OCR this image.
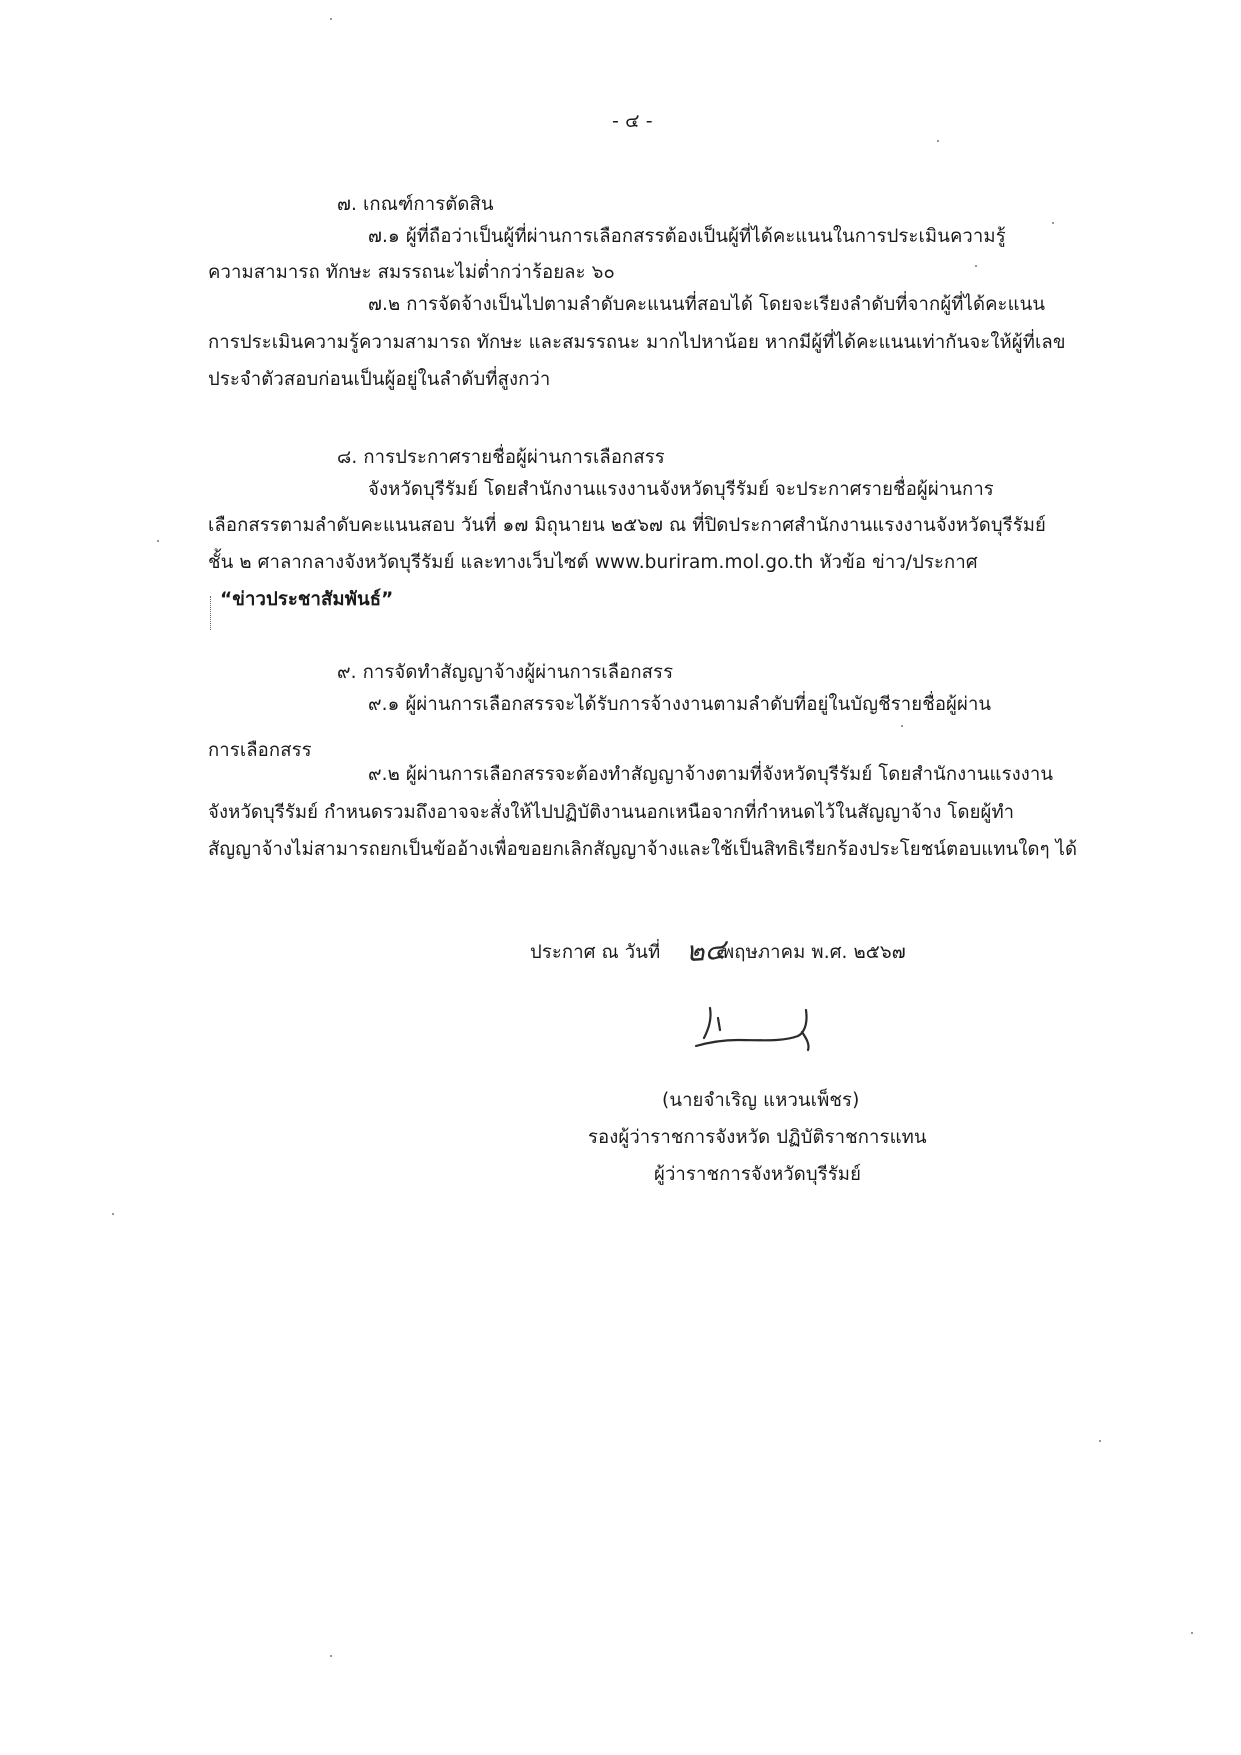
- ๔ -
๗. เกณฑ์การตัดสิน
๗.๑ ผู้ที่ถือว่าเป็นผู้ที่ผ่านการเลือกสรรต้องเป็นผู้ที่ได้คะแนนในการประเมินความรู้
ความสามารถ ทักษะ สมรรถนะไม่ต่ำกว่าร้อยละ ๖๐
๗.๒ การจัดจ้างเป็นไปตามลำดับคะแนนที่สอบได้ โดยจะเรียงลำดับที่จากผู้ที่ได้คะแนน
การประเมินความรู้ความสามารถ ทักษะ และสมรรถนะ มากไปหาน้อย หากมีผู้ที่ได้คะแนนเท่ากันจะให้ผู้ที่เลข
ประจำตัวสอบก่อนเป็นผู้อยู่ในลำดับที่สูงกว่า
๘. การประกาศรายชื่อผู้ผ่านการเลือกสรร
จังหวัดบุรีรัมย์ โดยสำนักงานแรงงานจังหวัดบุรีรัมย์ จะประกาศรายชื่อผู้ผ่านการ
เลือกสรรตามลำดับคะแนนสอบ วันที่ ๑๗ มิถุนายน ๒๕๖๗ ณ ที่ปิดประกาศสำนักงานแรงงานจังหวัดบุรีรัมย์
ชั้น ๒ ศาลากลางจังหวัดบุรีรัมย์ และทางเว็บไซต์ www.buriram.mol.go.th หัวข้อ ข่าว/ประกาศ
“ข่าวประชาสัมพันธ์”
๙. การจัดทำสัญญาจ้างผู้ผ่านการเลือกสรร
๙.๑ ผู้ผ่านการเลือกสรรจะได้รับการจ้างงานตามลำดับที่อยู่ในบัญชีรายชื่อผู้ผ่าน
การเลือกสรร
๙.๒ ผู้ผ่านการเลือกสรรจะต้องทำสัญญาจ้างตามที่จังหวัดบุรีรัมย์ โดยสำนักงานแรงงาน
จังหวัดบุรีรัมย์ กำหนดรวมถึงอาจจะสั่งให้ไปปฏิบัติงานนอกเหนือจากที่กำหนดไว้ในสัญญาจ้าง โดยผู้ทำ
สัญญาจ้างไม่สามารถยกเป็นข้ออ้างเพื่อขอยกเลิกสัญญาจ้างและใช้เป็นสิทธิเรียกร้องประโยชน์ตอบแทนใดๆ ได้
ประกาศ ณ วันที่ ๒๔
พฤษภาคม พ.ศ. ๒๕๖๗
(นายจำเริญ แหวนเพ็ชร)
รองผู้ว่าราชการจังหวัด ปฏิบัติราชการแทน
ผู้ว่าราชการจังหวัดบุรีรัมย์
